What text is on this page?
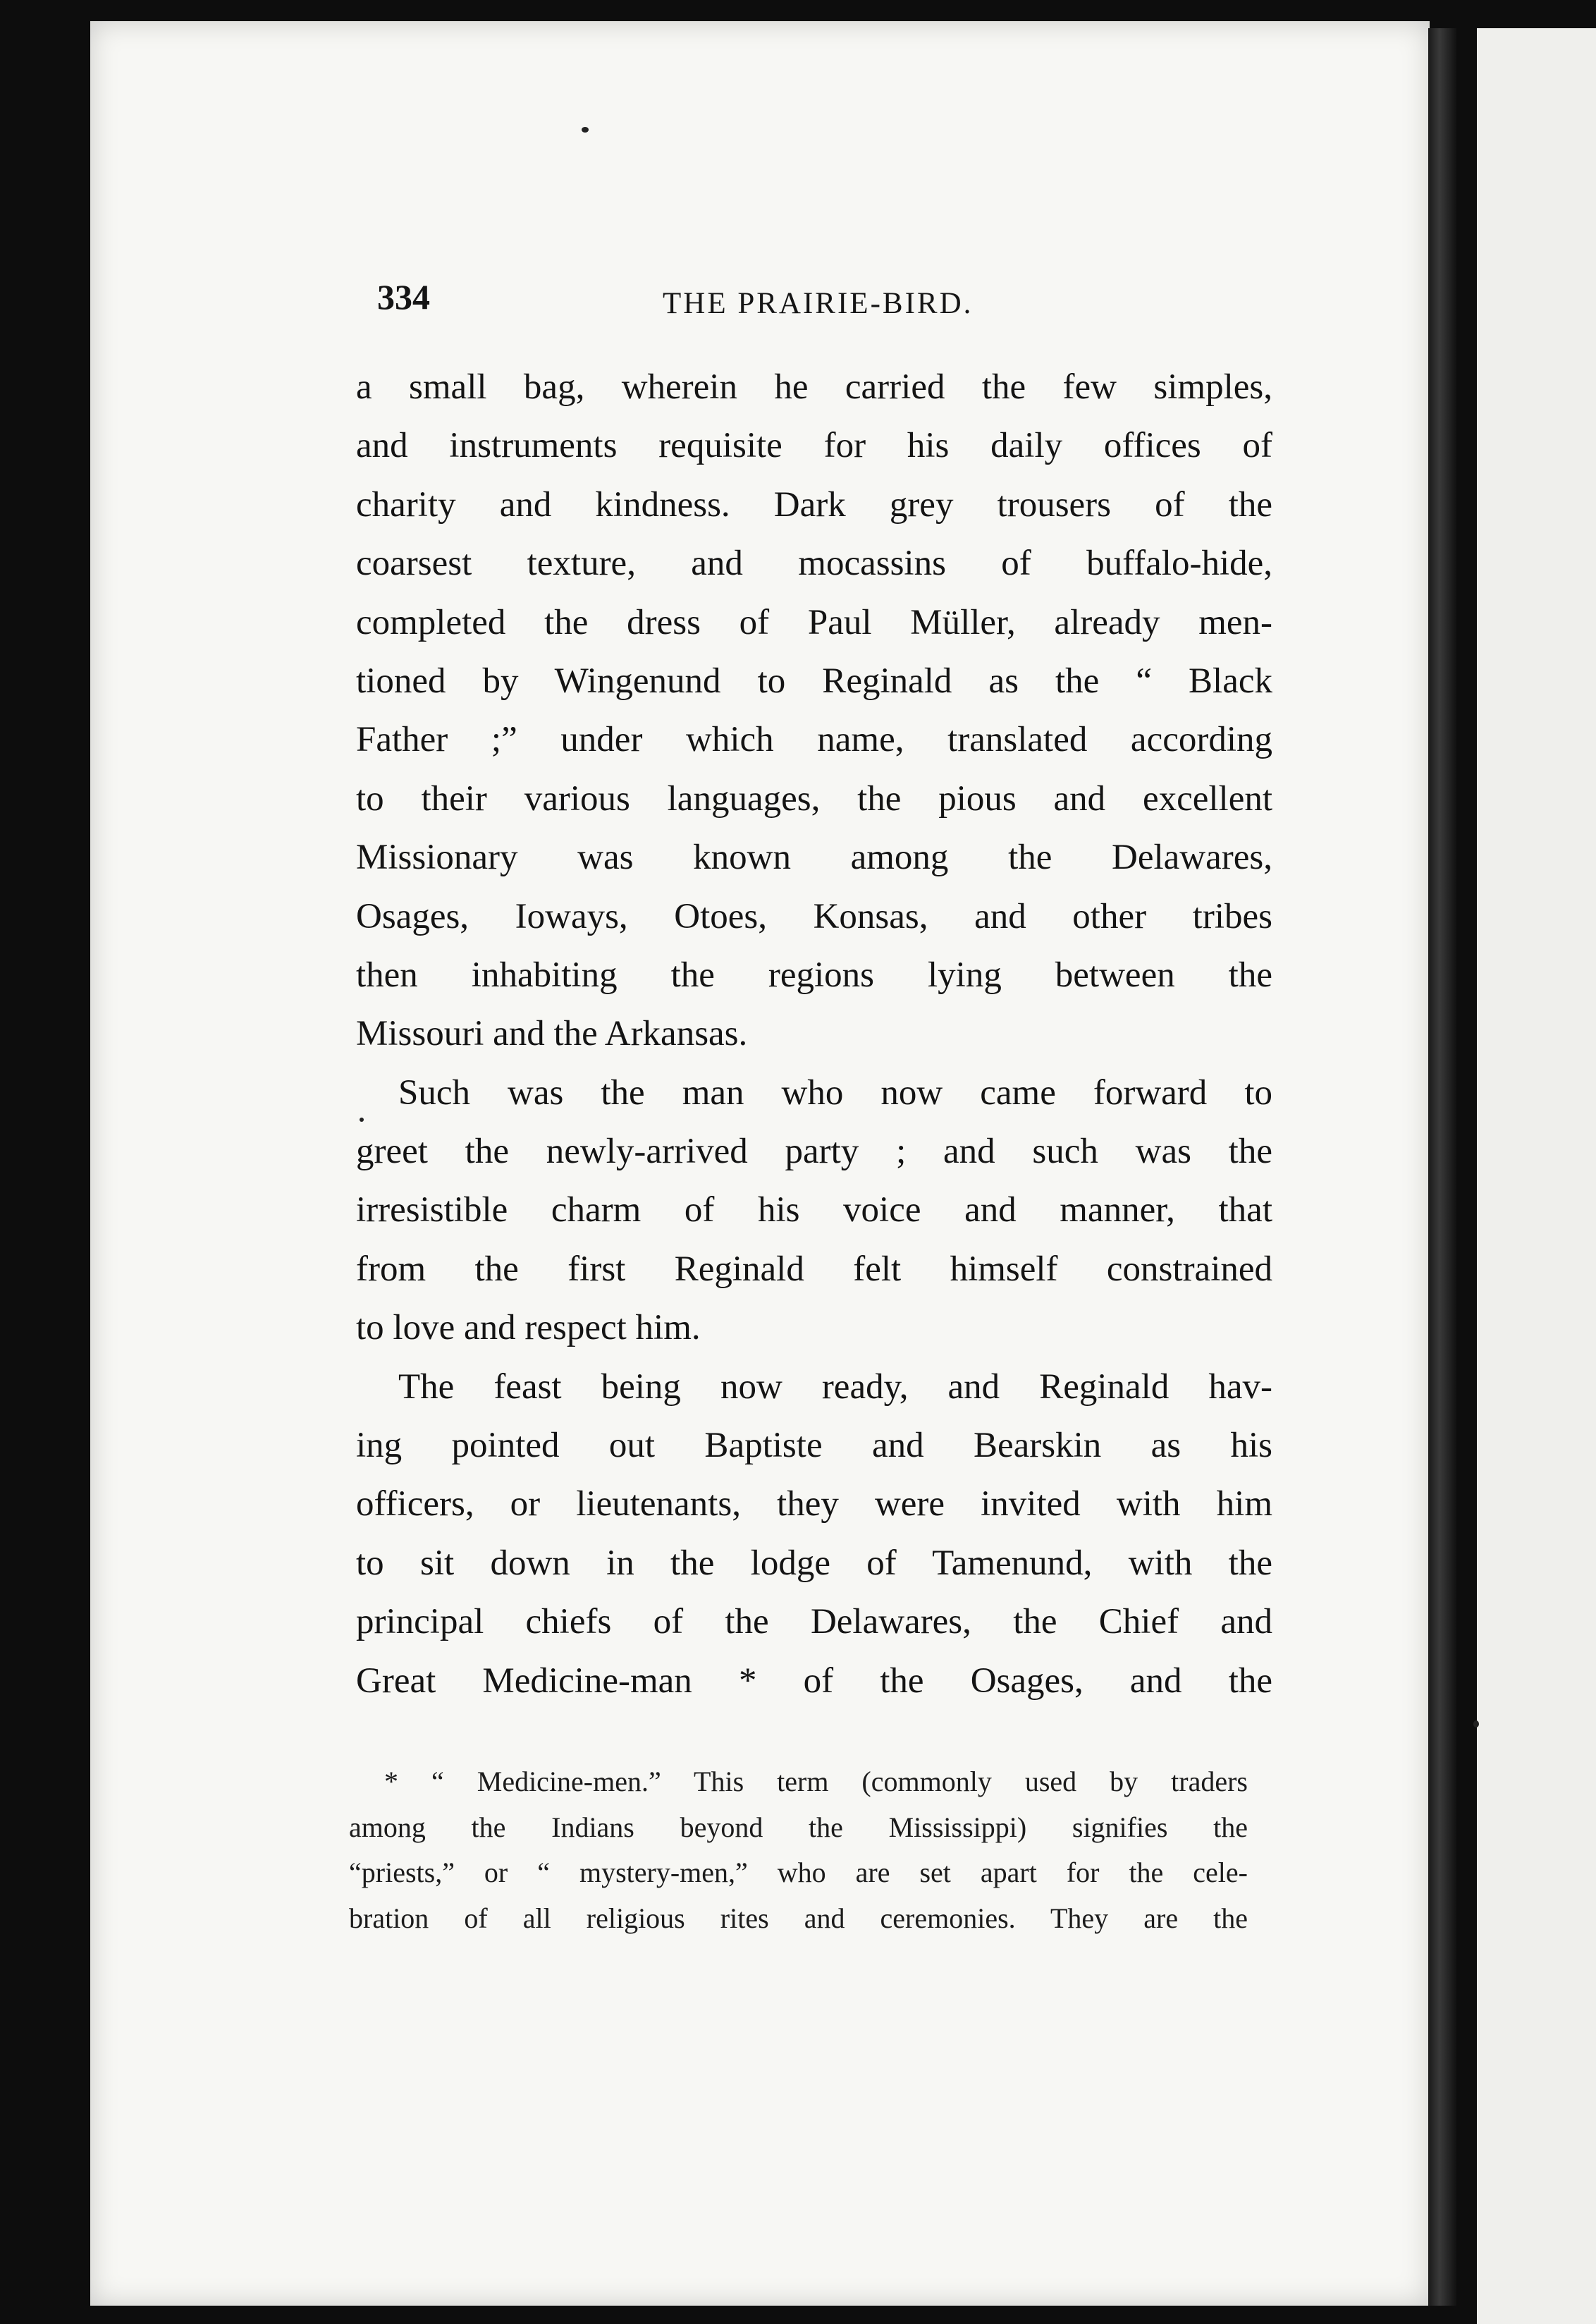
334	THE PRAIRIE-BIRD.
a small bag, wherein he carried the few simples,
and instruments requisite for his daily offices of
charity and kindness. Dark grey trousers of the
coarsest texture, and mocassins of buffalo-hide,
completed the dress of Paul Müller, already men-
tioned by Wingenund to Reginald as the “ Black
Father ;” under which name, translated according
to their various languages, the pious and excellent
Missionary was known among the Delawares,
Osages, Ioways, Otoes, Konsas, and other tribes
then inhabiting the regions lying between the
Missouri and the Arkansas.
Such was the man who now came forward to
greet the newly-arrived party ; and such was the
irresistible charm of his voice and manner, that
from the first Reginald felt himself constrained
to love and respect him.
The feast being now ready, and Reginald hav-
ing pointed out Baptiste and Bearskin as his
officers, or lieutenants, they were invited with him
to sit down in the lodge of Tamenund, with the
principal chiefs of the Delawares, the Chief and
Great Medicine-man * of the Osages, and the
* “ Medicine-men.” This term (commonly used by traders
among the Indians beyond the Mississippi) signifies the
“priests,” or “ mystery-men,” who are set apart for the cele-
bration of all religious rites and ceremonies. They are the
